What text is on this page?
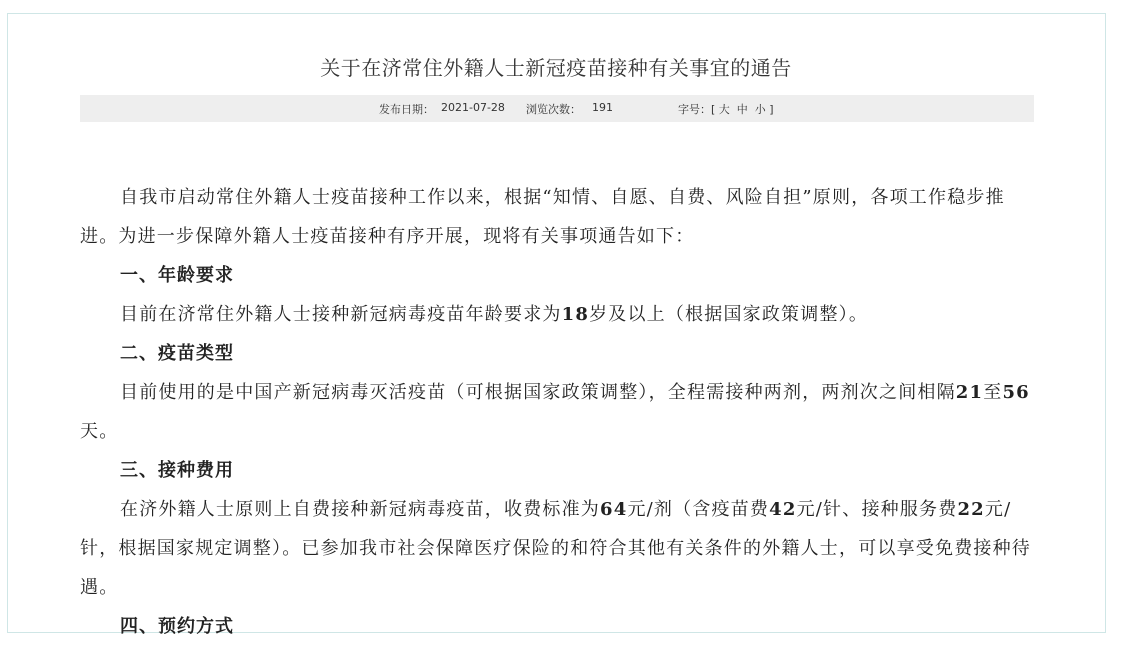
关于在济常住外籍人士新冠疫苗接种有关事宜的通告
发布日期： 2021-07-28 浏览次数： 191	字号：[ 大 中 小 ]

自我市启动常住外籍人士疫苗接种工作以来，根据“知情、自愿、自费、风险自担”原则，各项工作稳步推进。为进一步保障外籍人士疫苗接种有序开展，现将有关事项通告如下：

一、年龄要求

目前在济常住外籍人士接种新冠病毒疫苗年龄要求为18岁及以上（根据国家政策调整）。

二、疫苗类型

目前使用的是中国产新冠病毒灭活疫苗（可根据国家政策调整），全程需接种两剂，两剂次之间相隔21至56天。

三、接种费用

在济外籍人士原则上自费接种新冠病毒疫苗，收费标准为64元/剂（含疫苗费42元/针、接种服务费22元/针，根据国家规定调整）。已参加我市社会保障医疗保险的和符合其他有关条件的外籍人士，可以享受免费接种待遇。

四、预约方式
